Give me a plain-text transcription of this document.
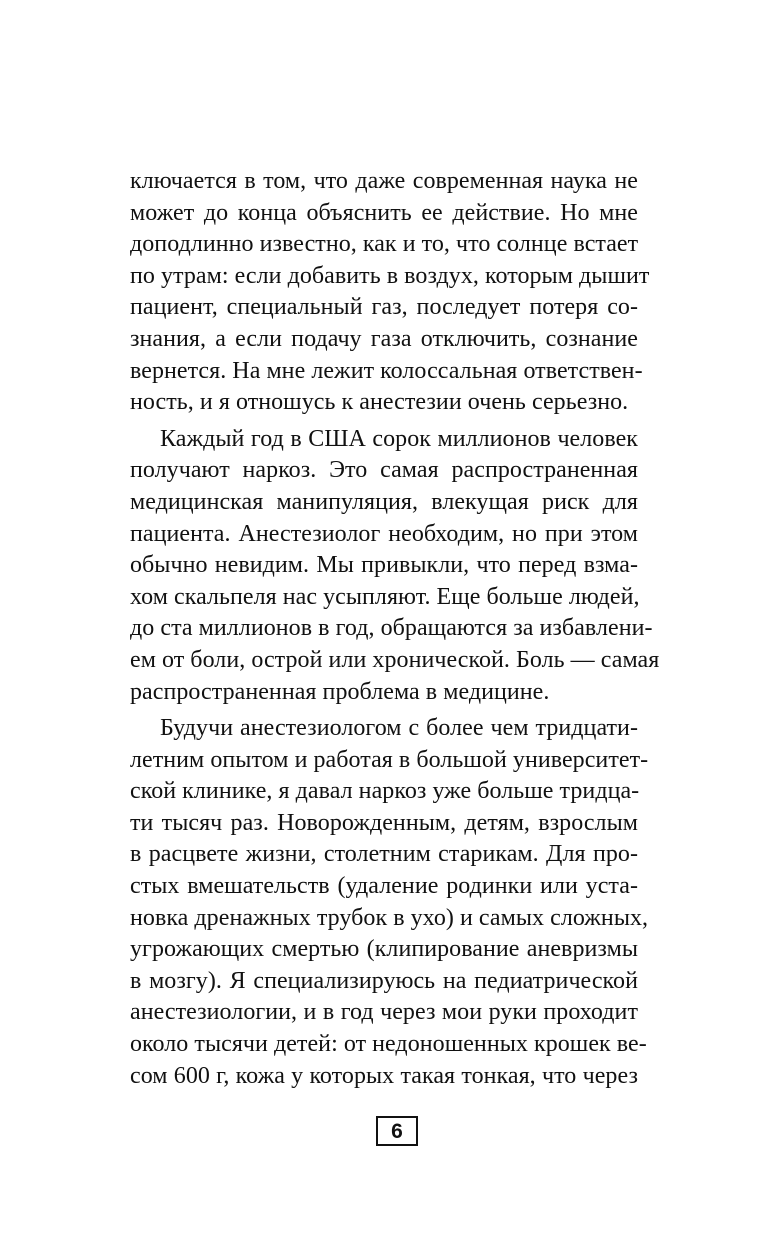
ключается в том, что даже современная наука не
может до конца объяснить ее действие. Но мне
доподлинно известно, как и то, что солнце встает
по утрам: если добавить в воздух, которым дышит
пациент, специальный газ, последует потеря со-
знания, а если подачу газа отключить, сознание
вернется. На мне лежит колоссальная ответствен-
ность, и я отношусь к анестезии очень серьезно.

Каждый год в США сорок миллионов человек
получают наркоз. Это самая распространенная
медицинская манипуляция, влекущая риск для
пациента. Анестезиолог необходим, но при этом
обычно невидим. Мы привыкли, что перед взма-
хом скальпеля нас усыпляют. Еще больше людей,
до ста миллионов в год, обращаются за избавлени-
ем от боли, острой или хронической. Боль — самая
распространенная проблема в медицине.

Будучи анестезиологом с более чем тридцати-
летним опытом и работая в большой университет-
ской клинике, я давал наркоз уже больше тридца-
ти тысяч раз. Новорожденным, детям, взрослым
в расцвете жизни, столетним старикам. Для про-
стых вмешательств (удаление родинки или уста-
новка дренажных трубок в ухо) и самых сложных,
угрожающих смертью (клипирование аневризмы
в мозгу). Я специализируюсь на педиатрической
анестезиологии, и в год через мои руки проходит
около тысячи детей: от недоношенных крошек ве-
сом 600 г, кожа у которых такая тонкая, что через

6
